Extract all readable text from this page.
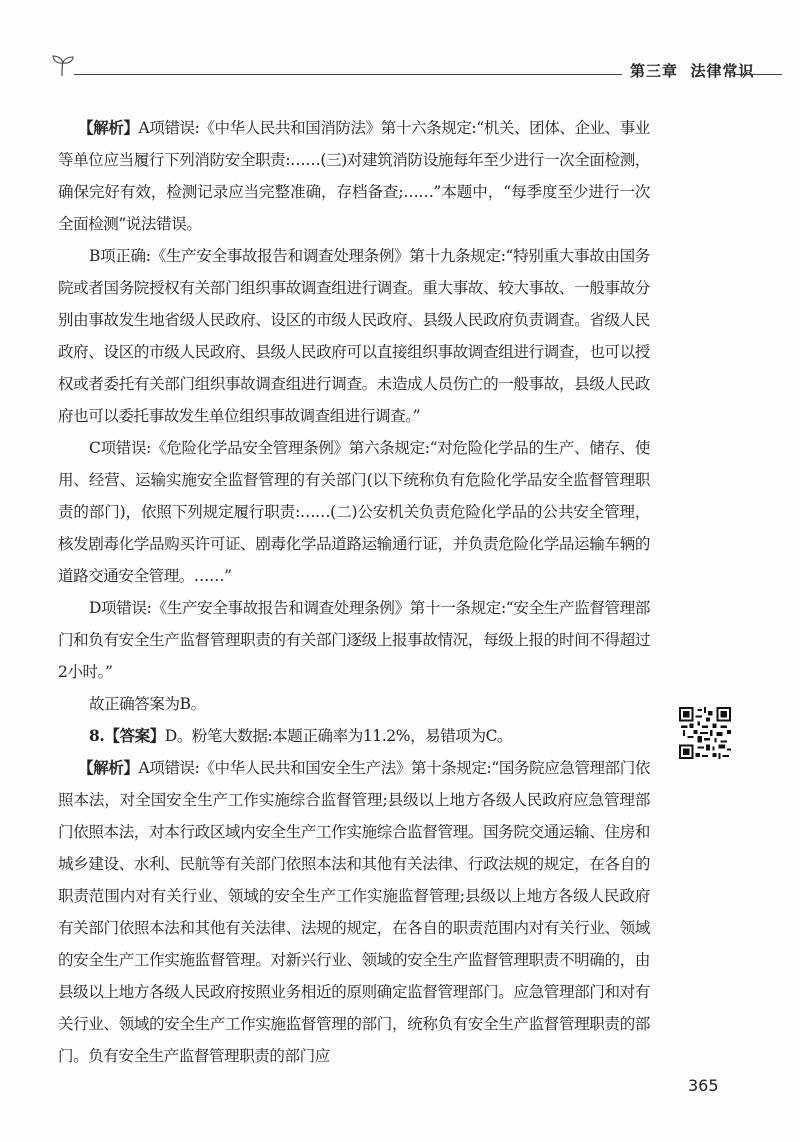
第三章 法律常识

【解析】A项错误:《中华人民共和国消防法》第十六条规定:“机关、团体、企业、事业等单位应当履行下列消防安全职责:……(三)对建筑消防设施每年至少进行一次全面检测，确保完好有效，检测记录应当完整准确，存档备查;……”本题中，“每季度至少进行一次全面检测”说法错误。

B项正确:《生产安全事故报告和调查处理条例》第十九条规定:“特别重大事故由国务院或者国务院授权有关部门组织事故调查组进行调查。重大事故、较大事故、一般事故分别由事故发生地省级人民政府、设区的市级人民政府、县级人民政府负责调查。省级人民政府、设区的市级人民政府、县级人民政府可以直接组织事故调查组进行调查，也可以授权或者委托有关部门组织事故调查组进行调查。未造成人员伤亡的一般事故，县级人民政府也可以委托事故发生单位组织事故调查组进行调查。”

C项错误:《危险化学品安全管理条例》第六条规定:“对危险化学品的生产、储存、使用、经营、运输实施安全监督管理的有关部门(以下统称负有危险化学品安全监督管理职责的部门)，依照下列规定履行职责:……(二)公安机关负责危险化学品的公共安全管理，核发剧毒化学品购买许可证、剧毒化学品道路运输通行证，并负责危险化学品运输车辆的道路交通安全管理。……”

D项错误:《生产安全事故报告和调查处理条例》第十一条规定:“安全生产监督管理部门和负有安全生产监督管理职责的有关部门逐级上报事故情况，每级上报的时间不得超过2小时。”

故正确答案为B。

8.【答案】D。粉笔大数据:本题正确率为11.2%，易错项为C。

【解析】A项错误:《中华人民共和国安全生产法》第十条规定:“国务院应急管理部门依照本法，对全国安全生产工作实施综合监督管理;县级以上地方各级人民政府应急管理部门依照本法，对本行政区域内安全生产工作实施综合监督管理。国务院交通运输、住房和城乡建设、水利、民航等有关部门依照本法和其他有关法律、行政法规的规定，在各自的职责范围内对有关行业、领域的安全生产工作实施监督管理;县级以上地方各级人民政府有关部门依照本法和其他有关法律、法规的规定，在各自的职责范围内对有关行业、领域的安全生产工作实施监督管理。对新兴行业、领域的安全生产监督管理职责不明确的，由县级以上地方各级人民政府按照业务相近的原则确定监督管理部门。应急管理部门和对有关行业、领域的安全生产工作实施监督管理的部门，统称负有安全生产监督管理职责的部门。负有安全生产监督管理职责的部门应

365
